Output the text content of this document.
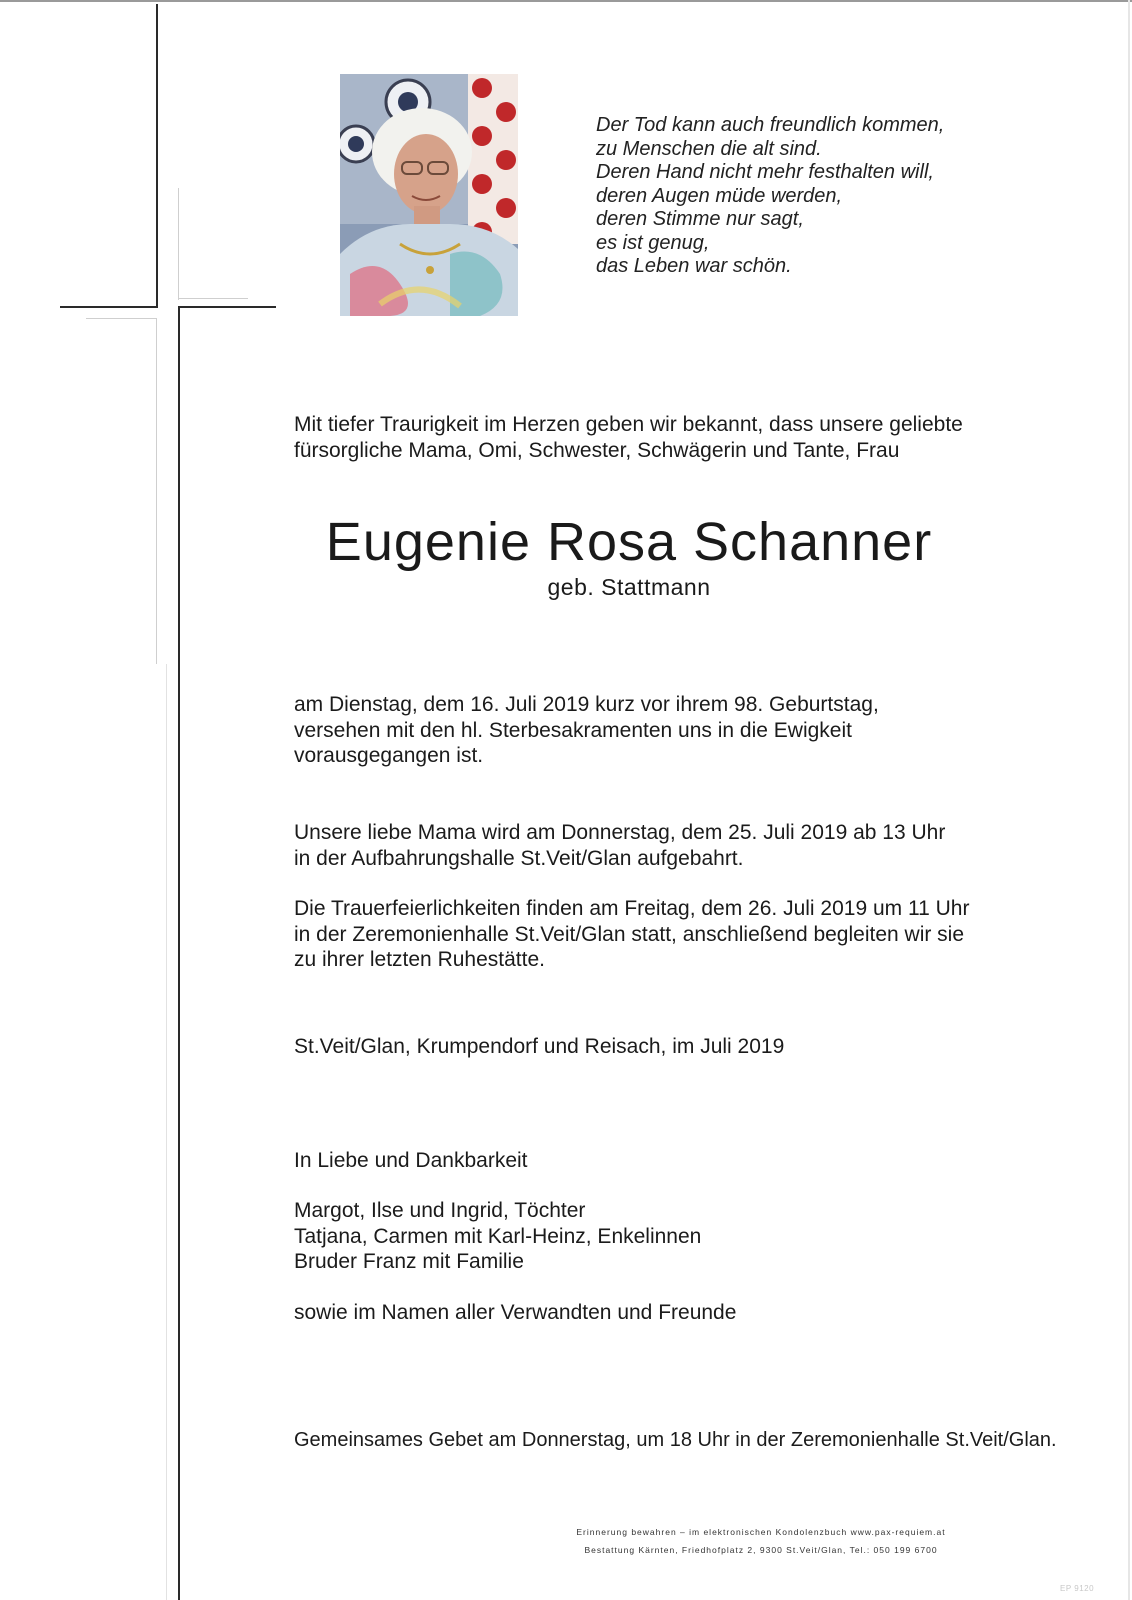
Der Tod kann auch freundlich kommen,
zu Menschen die alt sind.
Deren Hand nicht mehr festhalten will,
deren Augen müde werden,
deren Stimme nur sagt,
es ist genug,
das Leben war schön.
Mit tiefer Traurigkeit im Herzen geben wir bekannt, dass unsere geliebte
fürsorgliche Mama, Omi, Schwester, Schwägerin und Tante, Frau
Eugenie Rosa Schanner
geb. Stattmann
am Dienstag, dem 16. Juli 2019 kurz vor ihrem 98. Geburtstag,
versehen mit den hl. Sterbesakramenten uns in die Ewigkeit
vorausgegangen ist.
Unsere liebe Mama wird am Donnerstag, dem 25. Juli 2019 ab 13 Uhr
in der Aufbahrungshalle St.Veit/Glan aufgebahrt.
Die Trauerfeierlichkeiten finden am Freitag, dem 26. Juli 2019 um 11 Uhr
in der Zeremonienhalle St.Veit/Glan statt, anschließend begleiten wir sie
zu ihrer letzten Ruhestätte.
St.Veit/Glan, Krumpendorf und Reisach, im Juli 2019
In Liebe und Dankbarkeit
Margot, Ilse und Ingrid, Töchter
Tatjana, Carmen mit Karl-Heinz, Enkelinnen
Bruder Franz mit Familie
sowie im Namen aller Verwandten und Freunde
Gemeinsames Gebet am Donnerstag, um 18 Uhr in der Zeremonienhalle St.Veit/Glan.
Erinnerung bewahren – im elektronischen Kondolenzbuch www.pax-requiem.at
Bestattung Kärnten, Friedhofplatz 2, 9300 St.Veit/Glan, Tel.: 050 199 6700
EP 9120
